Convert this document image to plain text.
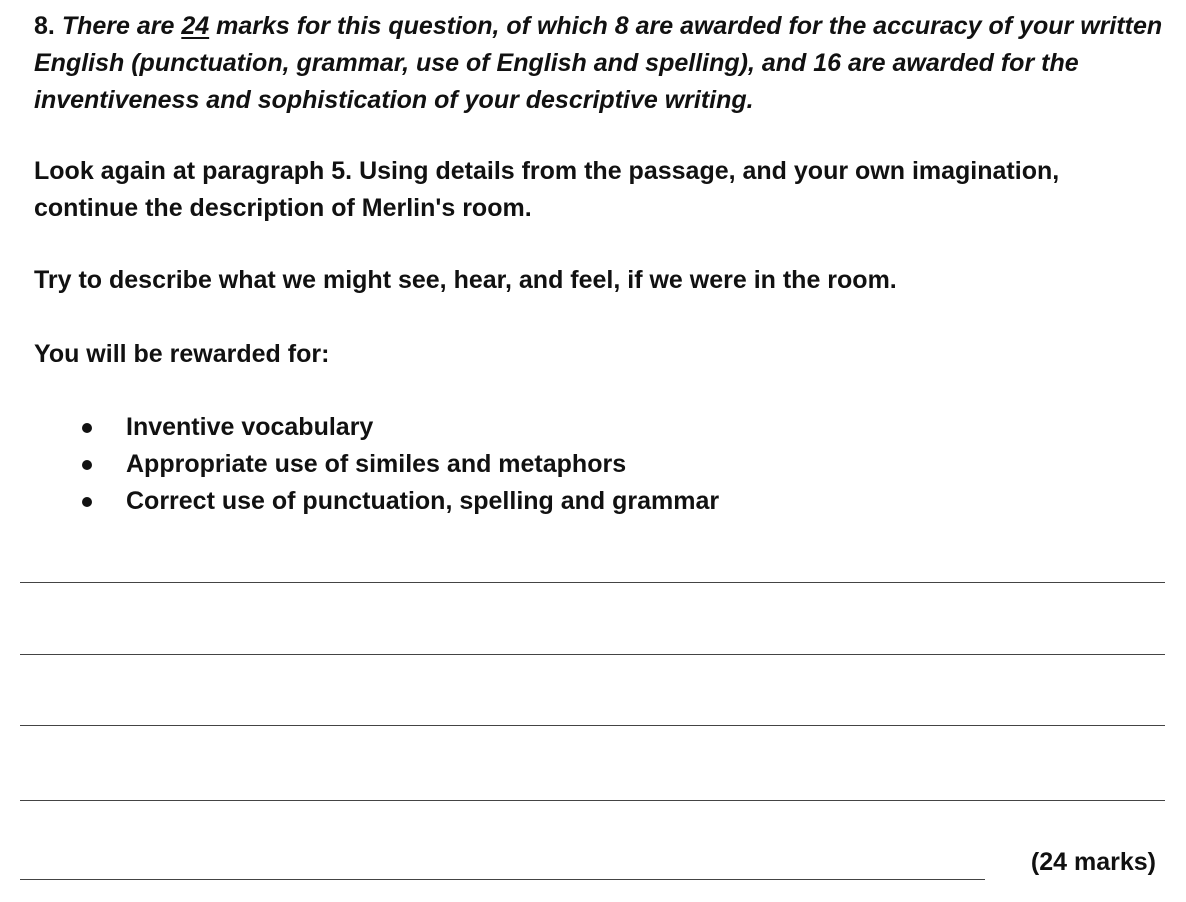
8. There are 24 marks for this question, of which 8 are awarded for the accuracy of your written English (punctuation, grammar, use of English and spelling), and 16 are awarded for the inventiveness and sophistication of your descriptive writing.

Look again at paragraph 5. Using details from the passage, and your own imagination, continue the description of Merlin's room.

Try to describe what we might see, hear, and feel, if we were in the room.

You will be rewarded for:

Inventive vocabulary
Appropriate use of similes and metaphors
Correct use of punctuation, spelling and grammar
(24 marks)
